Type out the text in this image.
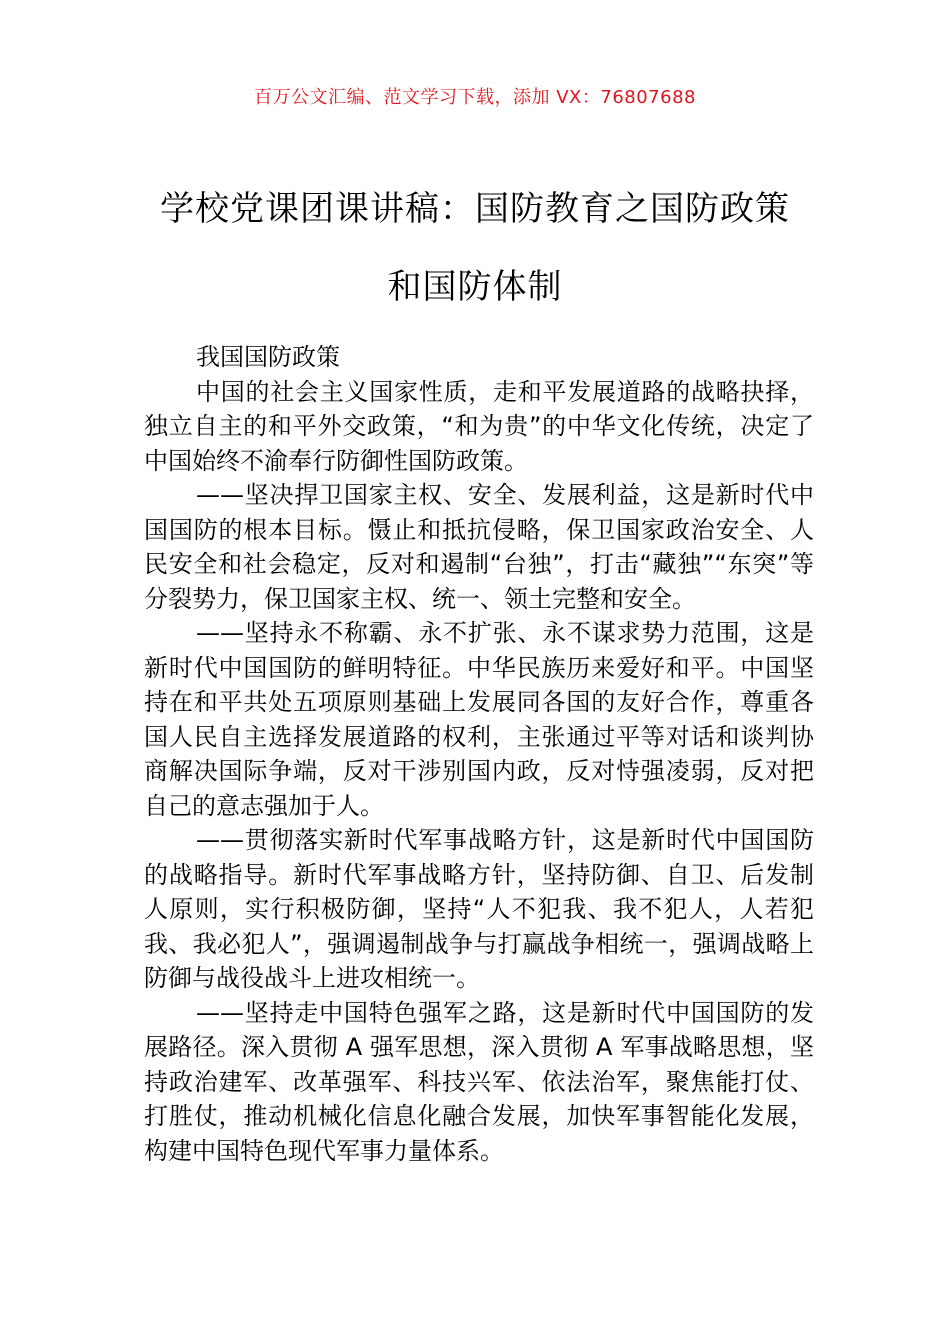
百万公文汇编、范文学习下载，添加 VX：76807688
学校党课团课讲稿：国防教育之国防政策
和国防体制

我国国防政策

中国的社会主义国家性质，走和平发展道路的战略抉择，独立自主的和平外交政策，“和为贵”的中华文化传统，决定了中国始终不渝奉行防御性国防政策。

——坚决捍卫国家主权、安全、发展利益，这是新时代中国国防的根本目标。慑止和抵抗侵略，保卫国家政治安全、人民安全和社会稳定，反对和遏制“台独”，打击“藏独”“东突”等分裂势力，保卫国家主权、统一、领土完整和安全。

——坚持永不称霸、永不扩张、永不谋求势力范围，这是新时代中国国防的鲜明特征。中华民族历来爱好和平。中国坚持在和平共处五项原则基础上发展同各国的友好合作，尊重各国人民自主选择发展道路的权利，主张通过平等对话和谈判协商解决国际争端，反对干涉别国内政，反对恃强凌弱，反对把自己的意志强加于人。

——贯彻落实新时代军事战略方针，这是新时代中国国防的战略指导。新时代军事战略方针，坚持防御、自卫、后发制人原则，实行积极防御，坚持“人不犯我、我不犯人，人若犯我、我必犯人”，强调遏制战争与打赢战争相统一，强调战略上防御与战役战斗上进攻相统一。

——坚持走中国特色强军之路，这是新时代中国国防的发展路径。深入贯彻 A 强军思想，深入贯彻 A 军事战略思想，坚持政治建军、改革强军、科技兴军、依法治军，聚焦能打仗、打胜仗，推动机械化信息化融合发展，加快军事智能化发展，构建中国特色现代军事力量体系。
